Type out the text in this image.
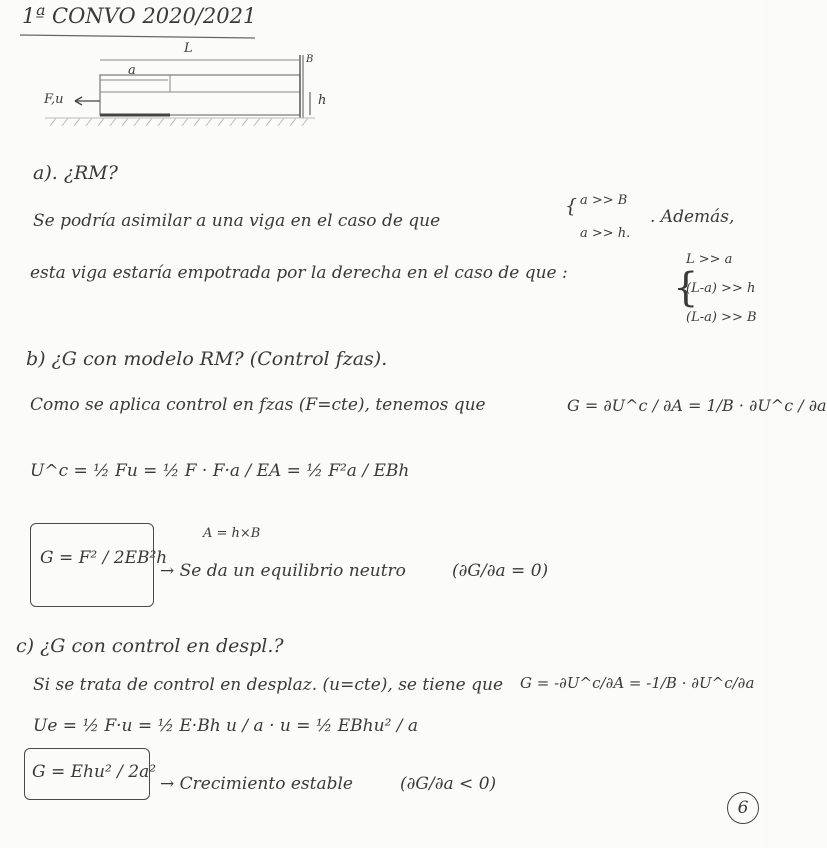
1ª CONVO 2020/2021
L
a
B
h
F,u
a). ¿RM?
Se podría asimilar a una viga en el caso de que
{ a >> B
a >> h.
. Además,
esta viga estaría empotrada por la derecha en el caso de que :	{
L >> a
(L-a) >> h
(L-a) >> B
b) ¿G con modelo RM? (Control fzas).
Como se aplica control en fzas (F=cte), tenemos que	G = ∂U^c / ∂A = 1/B · ∂U^c / ∂a
U^c = ½ Fu = ½ F · F·a / EA = ½ F²a / EBh
A = h×B
G = F² / 2EB²h
→ Se da un equilibrio neutro	(∂G/∂a = 0)
c) ¿G con control en despl.?
Si se trata de control en desplaz. (u=cte), se tiene que G = -∂U^c/∂A = -1/B · ∂U^c/∂a
Ue = ½ F·u = ½ E·Bh u / a · u = ½ EBhu² / a
G = Ehu² / 2a²
→ Crecimiento estable	(∂G/∂a < 0)
6
